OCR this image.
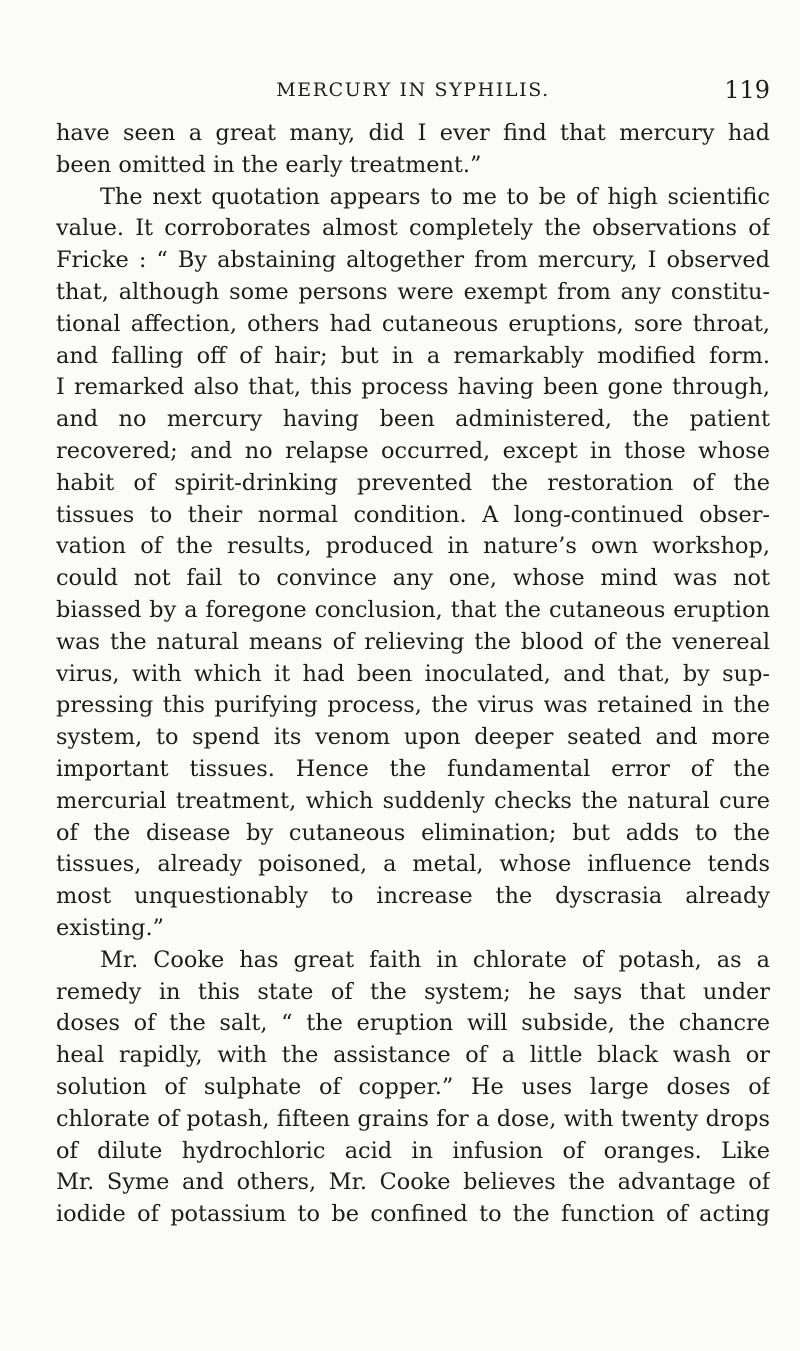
MERCURY IN SYPHILIS.	119
have seen a great many, did I ever find that mercury had
been omitted in the early treatment.”
The next quotation appears to me to be of high scientific
value. It corroborates almost completely the observations of
Fricke : “ By abstaining altogether from mercury, I observed
that, although some persons were exempt from any constitu-
tional affection, others had cutaneous eruptions, sore throat,
and falling off of hair; but in a remarkably modified form.
I remarked also that, this process having been gone through,
and no mercury having been administered, the patient
recovered; and no relapse occurred, except in those whose
habit of spirit-drinking prevented the restoration of the
tissues to their normal condition. A long-continued obser-
vation of the results, produced in nature’s own workshop,
could not fail to convince any one, whose mind was not
biassed by a foregone conclusion, that the cutaneous eruption
was the natural means of relieving the blood of the venereal
virus, with which it had been inoculated, and that, by sup-
pressing this purifying process, the virus was retained in the
system, to spend its venom upon deeper seated and more
important tissues. Hence the fundamental error of the
mercurial treatment, which suddenly checks the natural cure
of the disease by cutaneous elimination; but adds to the
tissues, already poisoned, a metal, whose influence tends
most unquestionably to increase the dyscrasia already
existing.”
Mr. Cooke has great faith in chlorate of potash, as a
remedy in this state of the system; he says that under
doses of the salt, “ the eruption will subside, the chancre
heal rapidly, with the assistance of a little black wash or
solution of sulphate of copper.” He uses large doses of
chlorate of potash, fifteen grains for a dose, with twenty drops
of dilute hydrochloric acid in infusion of oranges. Like
Mr. Syme and others, Mr. Cooke believes the advantage of
iodide of potassium to be confined to the function of acting
